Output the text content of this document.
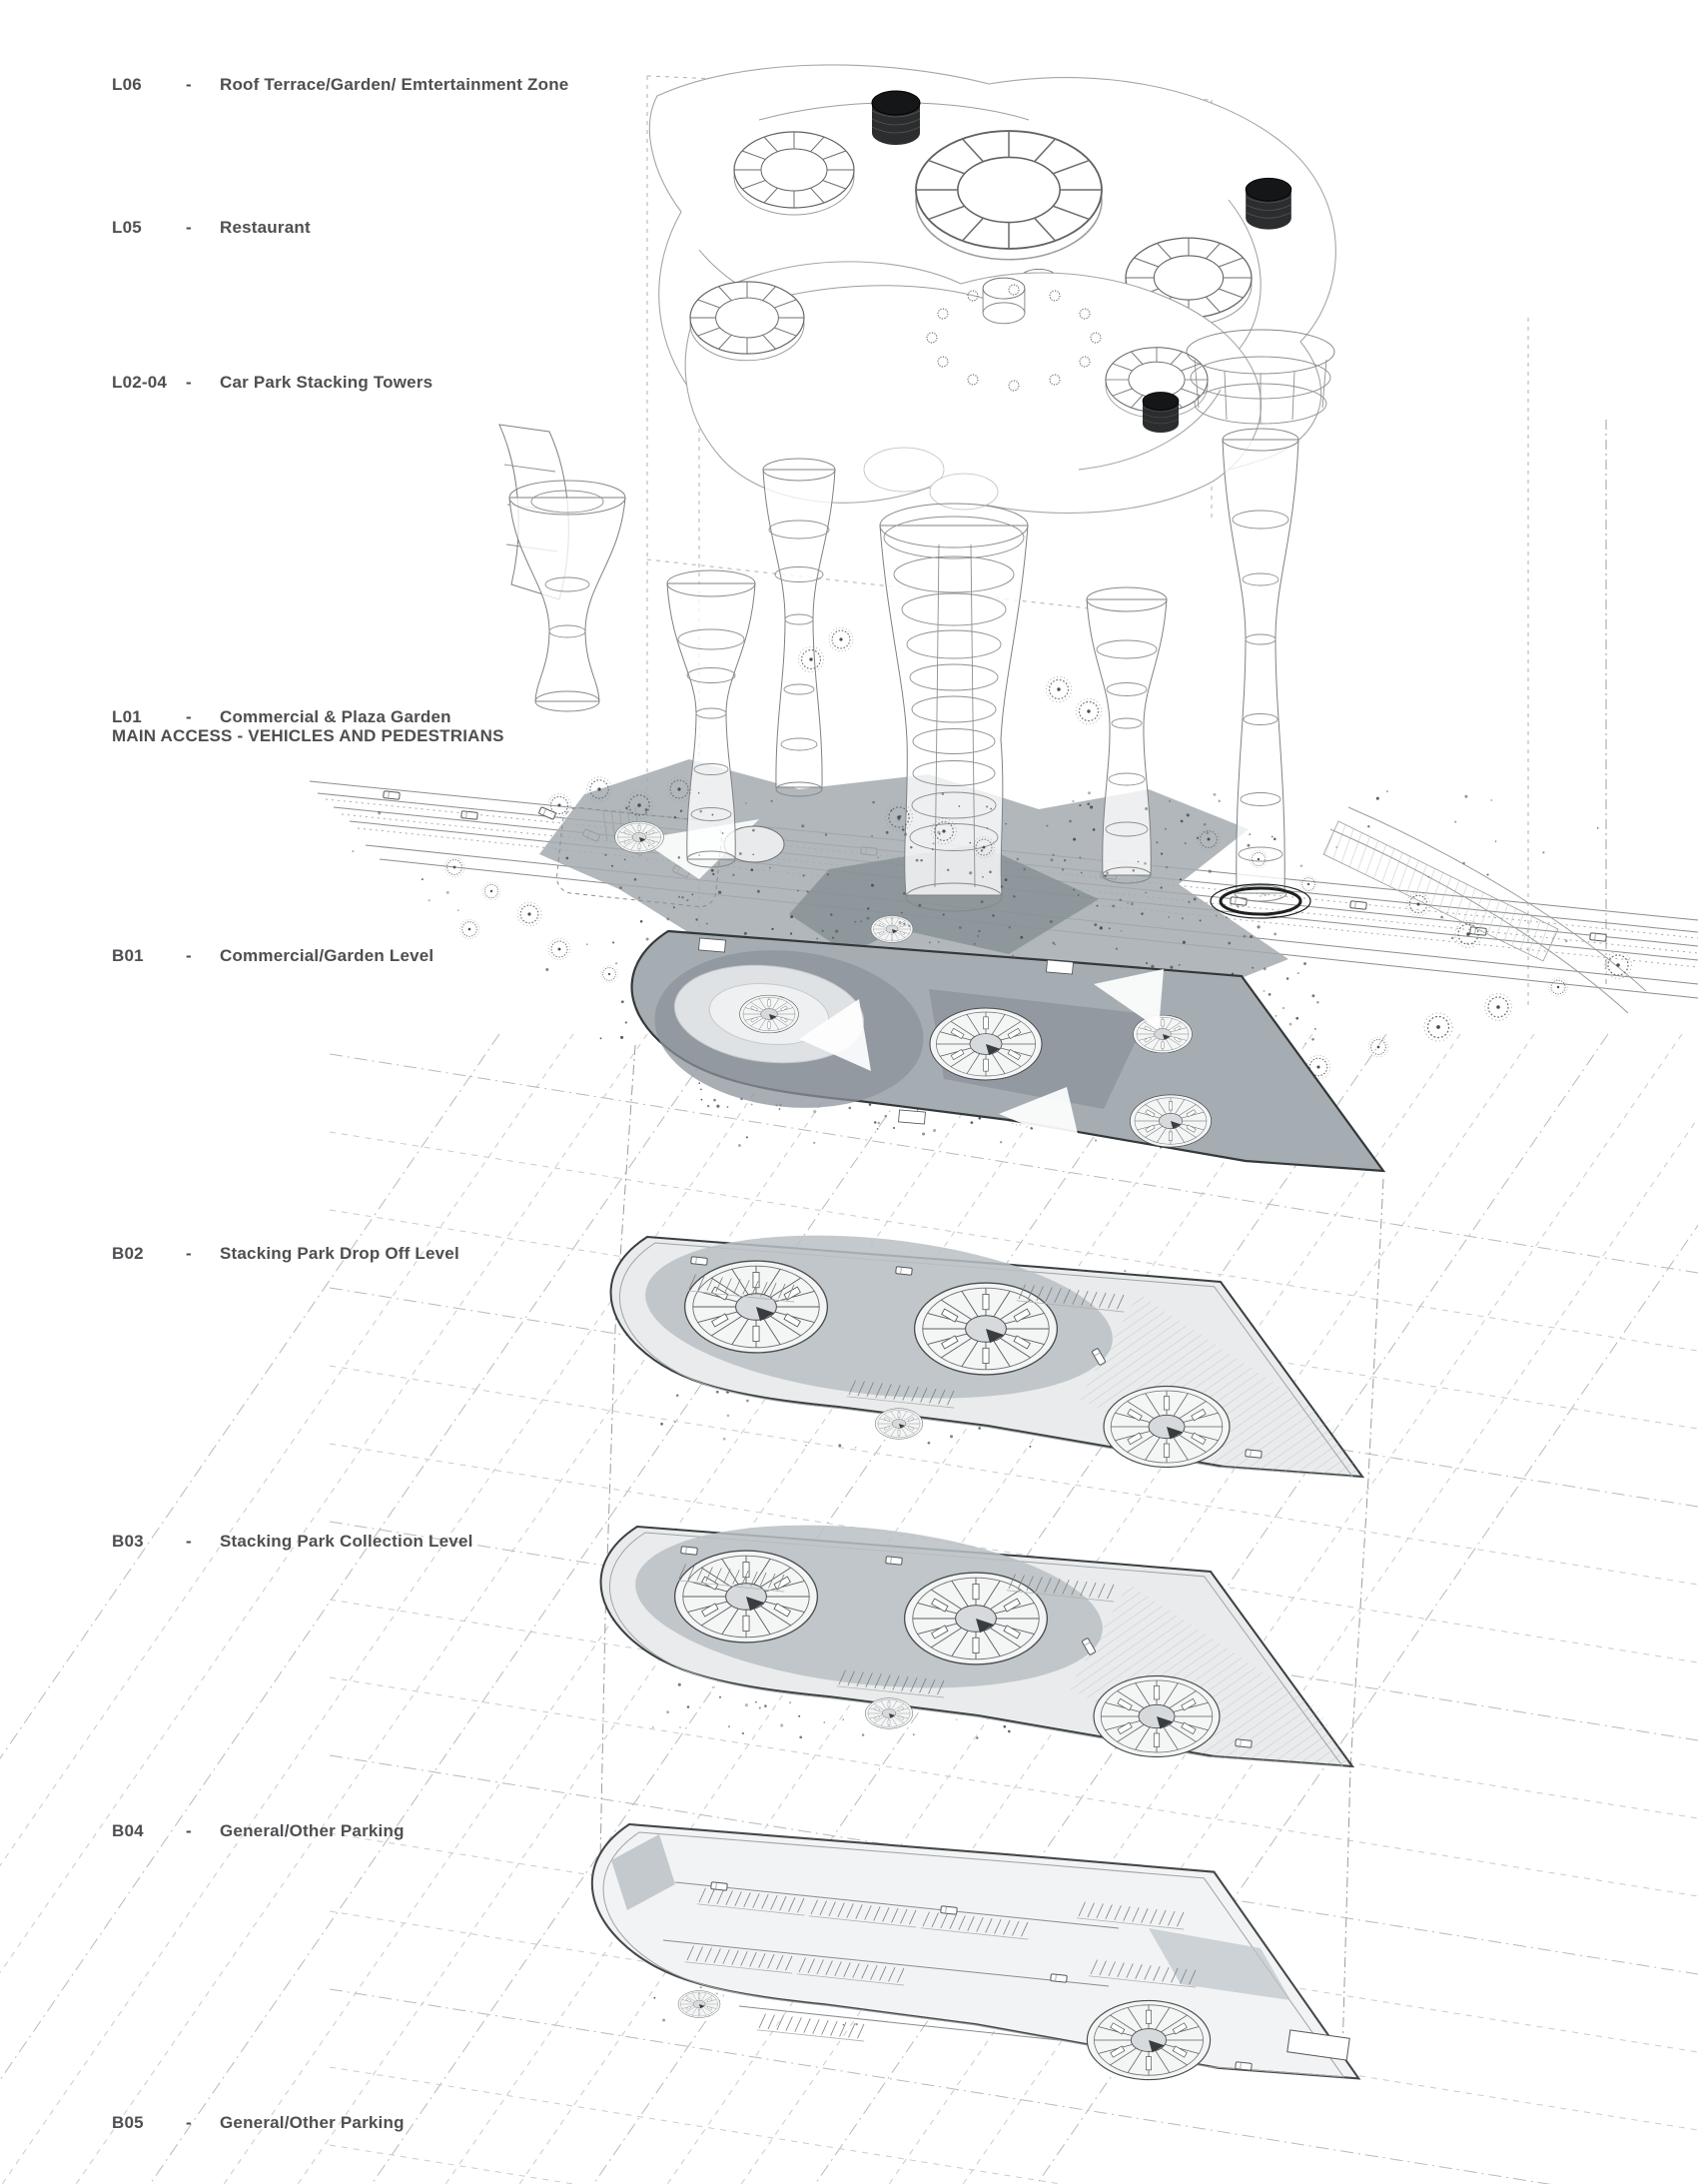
L06	-	Roof Terrace/Garden/ Emtertainment Zone
L05	-	Restaurant
L02-04	-	Car Park Stacking Towers
L01	-	Commercial & Plaza Garden
MAIN ACCESS - VEHICLES AND PEDESTRIANS
B01	-	Commercial/Garden Level
B02	-	Stacking Park Drop Off Level
B03	-	Stacking Park Collection Level
B04	-	General/Other Parking
B05	-	General/Other Parking
